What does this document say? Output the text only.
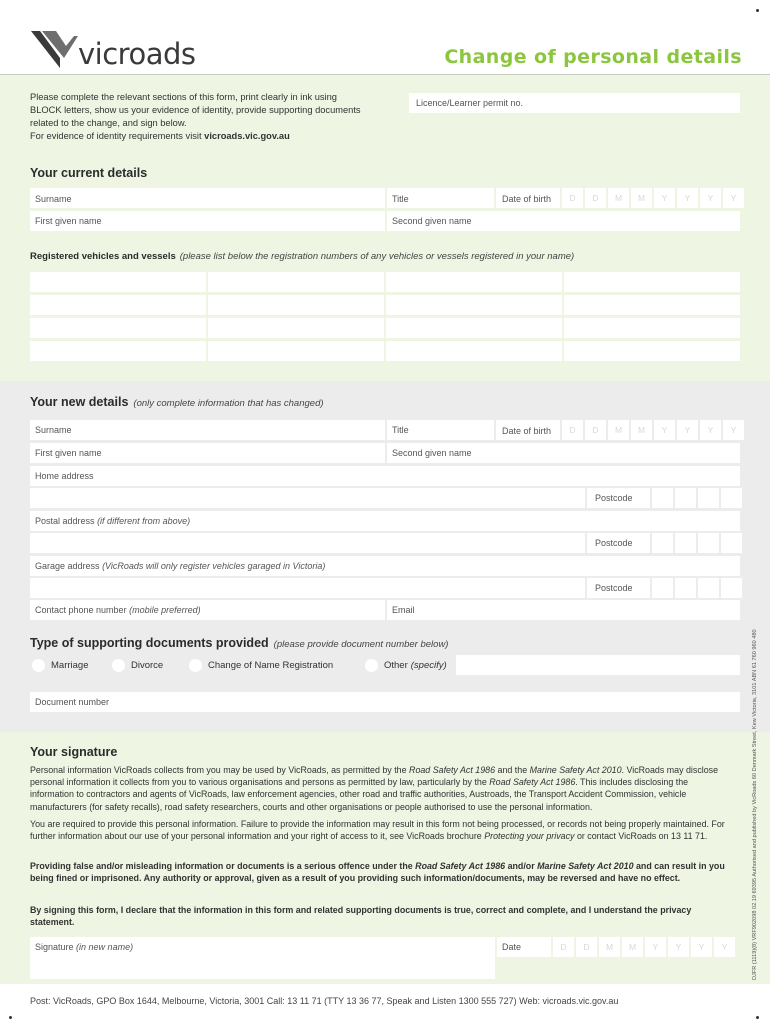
vicroads	Change of personal details
Please complete the relevant sections of this form, print clearly in ink using BLOCK letters, show us your evidence of identity, provide supporting documents related to the change, and sign below.
For evidence of identity requirements visit vicroads.vic.gov.au
Licence/Learner permit no.
Your current details
Surname	Title	Date of birth	D	D	M	M	Y	Y	Y	Y
First given name	Second given name
Registered vehicles and vessels (please list below the registration numbers of any vehicles or vessels registered in your name)
Your new details (only complete information that has changed)
Surname	Title	Date of birth	D	D	M	M	Y	Y	Y	Y
First given name	Second given name
Home address
Postcode
Postal address (if different from above)
Postcode
Garage address (VicRoads will only register vehicles garaged in Victoria)
Postcode
Contact phone number (mobile preferred)	Email
Type of supporting documents provided (please provide document number below)
Marriage	Divorce	Change of Name Registration	Other (specify)
Document number
Your signature
Personal information VicRoads collects from you may be used by VicRoads, as permitted by the Road Safety Act 1986 and the Marine Safety Act 2010. VicRoads may disclose personal information it collects from you to various organisations and persons as permitted by law, particularly by the Road Safety Act 1986. This includes disclosing the information to contractors and agents of VicRoads, law enforcement agencies, other road and traffic authorities, Austroads, the Transport Accident Commission, vehicle manufacturers (for safety recalls), road safety researchers, courts and other organisations or people authorised to use the personal information.
You are required to provide this personal information. Failure to provide the information may result in this form not being processed, or records not being properly maintained. For further information about our use of your personal information and your right of access to it, see VicRoads brochure Protecting your privacy or contact VicRoads on 13 11 71.
Providing false and/or misleading information or documents is a serious offence under the Road Safety Act 1986 and/or Marine Safety Act 2010 and can result in you being fined or imprisoned. Any authority or approval, given as a result of you providing such information/documents, may be reversed and have no effect.
By signing this form, I declare that the information in this form and related supporting documents is true, correct and complete, and I understand the privacy statement.
Signature (in new name)	Date	D	D	M	M	Y	Y	Y	Y	DJFR (1119)(8) VRF902098 02.19 69395 Authorised and published by VicRoads 60 Denmark Street, Kew Victoria, 3101 ABN 61 760 960 480
Post: VicRoads, GPO Box 1644, Melbourne, Victoria, 3001 Call: 13 11 71 (TTY 13 36 77, Speak and Listen 1300 555 727) Web: vicroads.vic.gov.au
